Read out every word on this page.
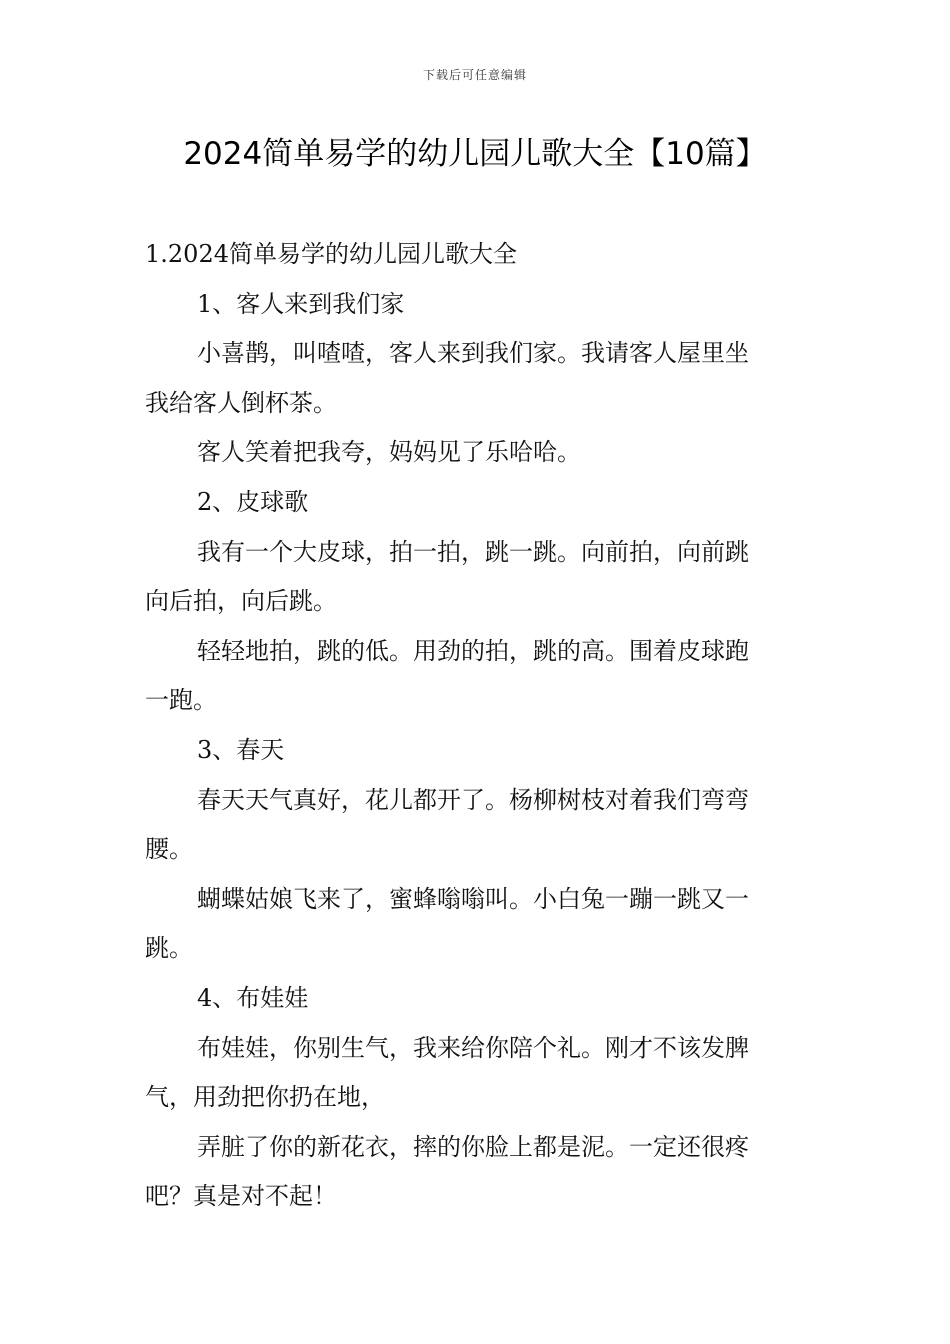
下载后可任意编辑
2024简单易学的幼儿园儿歌大全【10篇】
1.2024简单易学的幼儿园儿歌大全

1、客人来到我们家

小喜鹊，叫喳喳，客人来到我们家。我请客人屋里坐

我给客人倒杯茶。

客人笑着把我夸，妈妈见了乐哈哈。

2、皮球歌

我有一个大皮球，拍一拍，跳一跳。向前拍，向前跳

向后拍，向后跳。

轻轻地拍，跳的低。用劲的拍，跳的高。围着皮球跑

一跑。

3、春天

春天天气真好，花儿都开了。杨柳树枝对着我们弯弯

腰。

蝴蝶姑娘飞来了，蜜蜂嗡嗡叫。小白兔一蹦一跳又一

跳。

4、布娃娃

布娃娃，你别生气，我来给你陪个礼。刚才不该发脾

气，用劲把你扔在地，

弄脏了你的新花衣，摔的你脸上都是泥。一定还很疼

吧？真是对不起！
